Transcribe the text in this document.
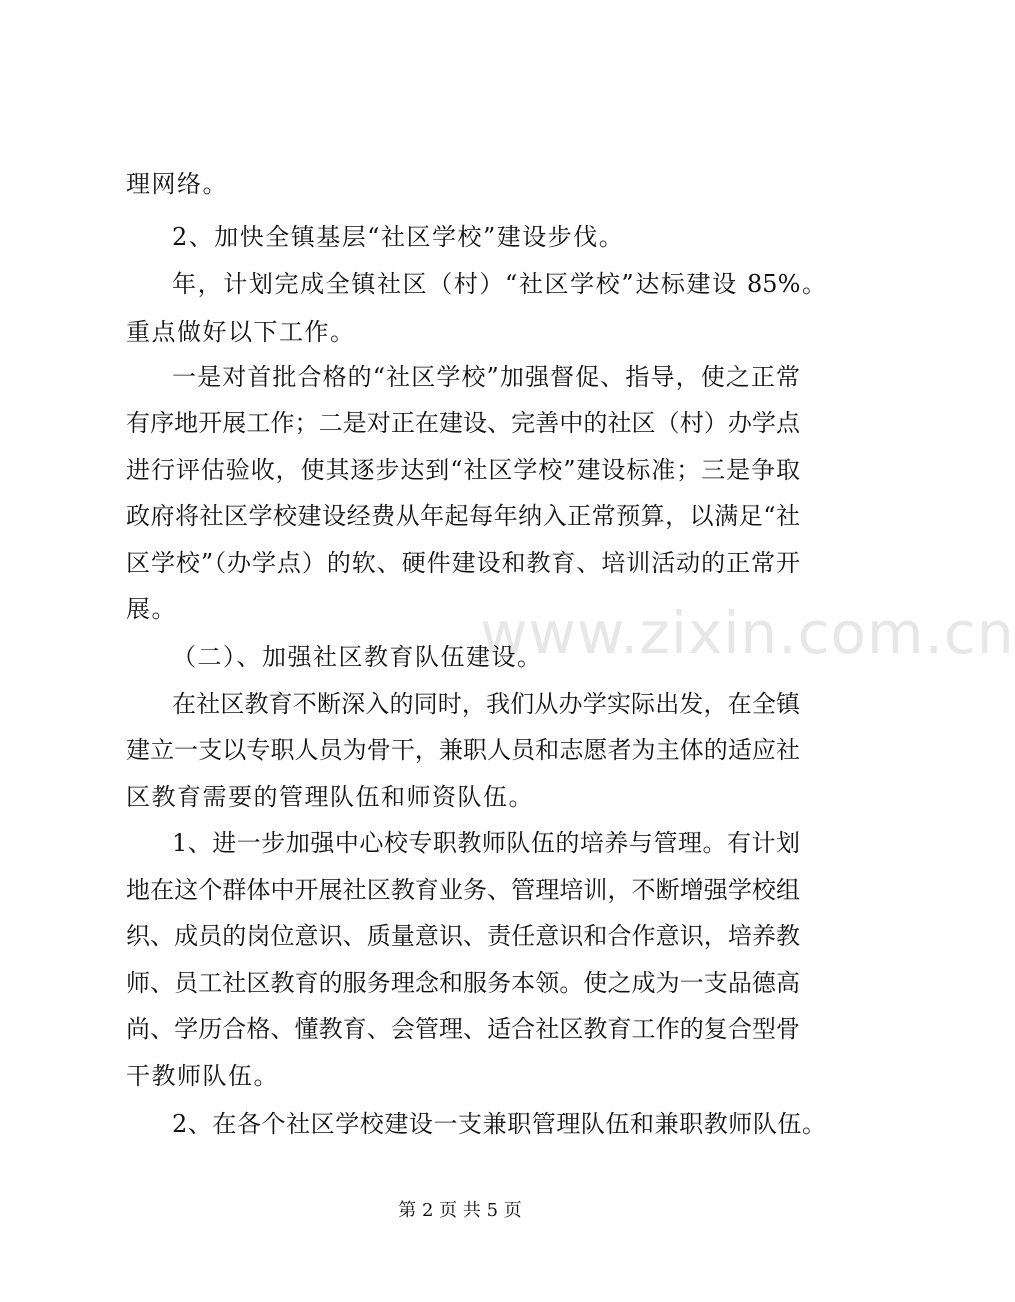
www.zixin.com.cn
理网络。
2、加快全镇基层“社区学校”建设步伐。
年，计划完成全镇社区（村）“社区学校”达标建设 85%。
重点做好以下工作。
一是对首批合格的“社区学校”加强督促、指导，使之正常
有序地开展工作；二是对正在建设、完善中的社区（村）办学点
进行评估验收，使其逐步达到“社区学校”建设标准；三是争取
政府将社区学校建设经费从年起每年纳入正常预算，以满足“社
区学校”（办学点）的软、硬件建设和教育、培训活动的正常开
展。
（二）、加强社区教育队伍建设。
在社区教育不断深入的同时，我们从办学实际出发，在全镇
建立一支以专职人员为骨干，兼职人员和志愿者为主体的适应社
区教育需要的管理队伍和师资队伍。
1、进一步加强中心校专职教师队伍的培养与管理。有计划
地在这个群体中开展社区教育业务、管理培训，不断增强学校组
织、成员的岗位意识、质量意识、责任意识和合作意识，培养教
师、员工社区教育的服务理念和服务本领。使之成为一支品德高
尚、学历合格、懂教育、会管理、适合社区教育工作的复合型骨
干教师队伍。
2、在各个社区学校建设一支兼职管理队伍和兼职教师队伍。
第 2 页 共 5 页
